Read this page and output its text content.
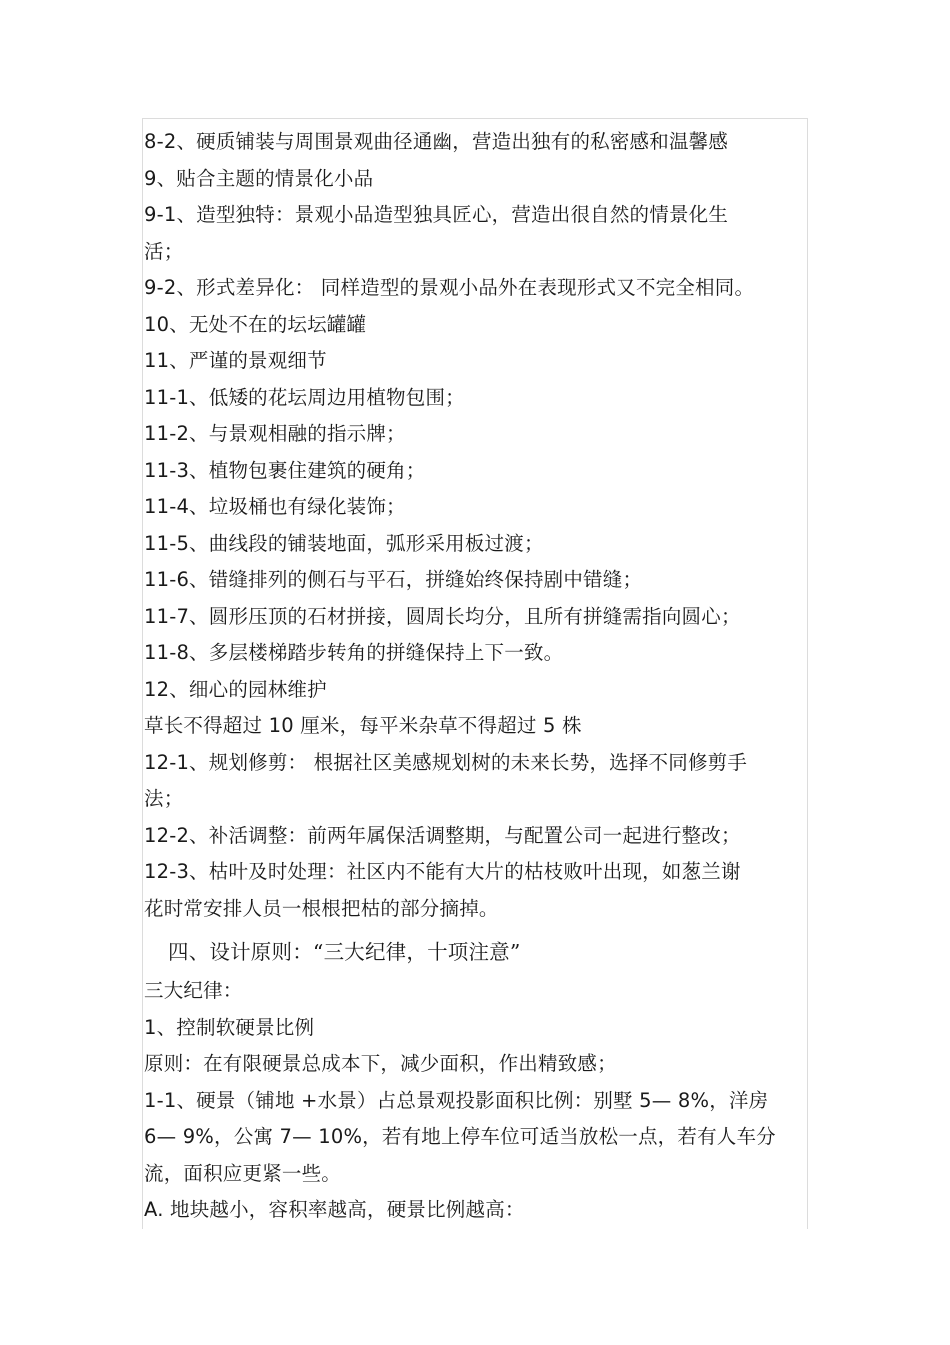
8-2、硬质铺装与周围景观曲径通幽，营造出独有的私密感和温馨感
9、贴合主题的情景化小品
9-1、造型独特：景观小品造型独具匠心，营造出很自然的情景化生
活；
9-2、形式差异化： 同样造型的景观小品外在表现形式又不完全相同。
10、无处不在的坛坛罐罐
11、严谨的景观细节
11-1、低矮的花坛周边用植物包围；
11-2、与景观相融的指示牌；
11-3、植物包裹住建筑的硬角；
11-4、垃圾桶也有绿化装饰；
11-5、曲线段的铺装地面，弧形采用板过渡；
11-6、错缝排列的侧石与平石，拼缝始终保持剧中错缝；
11-7、圆形压顶的石材拼接，圆周长均分，且所有拼缝需指向圆心；
11-8、多层楼梯踏步转角的拼缝保持上下一致。
12、细心的园林维护
草长不得超过 10 厘米，每平米杂草不得超过 5 株
12-1、规划修剪： 根据社区美感规划树的未来长势，选择不同修剪手
法；
12-2、补活调整：前两年属保活调整期，与配置公司一起进行整改；
12-3、枯叶及时处理：社区内不能有大片的枯枝败叶出现，如葱兰谢
花时常安排人员一根根把枯的部分摘掉。
四、设计原则：“三大纪律，十项注意”
三大纪律：
1、控制软硬景比例
原则：在有限硬景总成本下，减少面积，作出精致感；
1-1、硬景（铺地 +水景）占总景观投影面积比例：别墅 5— 8%，洋房
6— 9%，公寓 7— 10%，若有地上停车位可适当放松一点，若有人车分
流，面积应更紧一些。
A. 地块越小，容积率越高，硬景比例越高：
